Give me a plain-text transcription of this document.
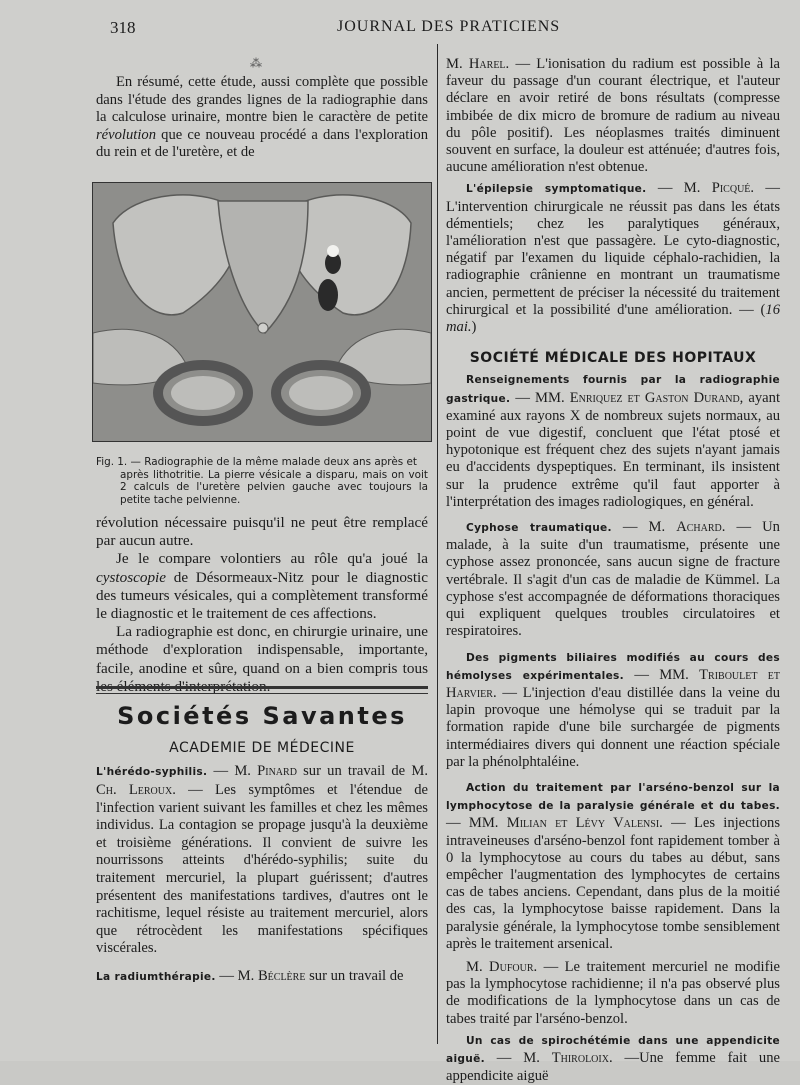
318	JOURNAL DES PRATICIENS
⁂

En résumé, cette étude, aussi complète que possible dans l'étude des grandes lignes de la radiographie dans la calculose urinaire, montre bien le caractère de petite révolution que ce nouveau procédé a dans l'exploration du rein et de l'uretère, et de

Fig. 1. — Radiographie de la même malade deux ans après et
après lithotritie. La pierre vésicale a disparu, mais on voit 2 calculs de l'uretère pelvien gauche avec toujours la petite tache pelvienne.

révolution nécessaire puisqu'il ne peut être remplacé par aucun autre.

Je le compare volontiers au rôle qu'a joué la cystoscopie de Désormeaux-Nitz pour le diagnostic des tumeurs vésicales, qui a complètement transformé le diagnostic et le traitement de ces affections.

La radiographie est donc, en chirurgie urinaire, une méthode d'exploration indispensable, importante, facile, anodine et sûre, quand on a bien compris tous les éléments d'interprétation.

Sociétés Savantes
ACADEMIE DE MÉDECINE

L'hérédo-syphilis. — M. Pinard sur un travail de M. Ch. Leroux. — Les symptômes et l'étendue de l'infection varient suivant les familles et chez les mêmes individus. La contagion se propage jusqu'à la deuxième et troisième générations. Il convient de suivre les nourrissons atteints d'hérédo-syphilis; suite du traitement mercuriel, la plupart guérissent; d'autres présentent des manifestations tardives, d'autres ont le rachitisme, lequel résiste au traitement mercuriel, alors que rétrocèdent les manifestations spécifiques viscérales.

La radiumthérapie. — M. Béclère sur un travail de

M. Harel. — L'ionisation du radium est possible à la faveur du passage d'un courant électrique, et l'auteur déclare en avoir retiré de bons résultats (compresse imbibée de dix micro de bromure de radium au niveau du pôle positif). Les néoplasmes traités diminuent souvent en surface, la douleur est atténuée; d'autres fois, aucune amélioration n'est obtenue.

L'épilepsie symptomatique. — M. Picqué. — L'intervention chirurgicale ne réussit pas dans les états démentiels; chez les paralytiques généraux, l'amélioration n'est que passagère. Le cyto-diagnostic, négatif par l'examen du liquide céphalo-rachidien, la radiographie crânienne en montrant un traumatisme ancien, permettent de préciser la nécessité du traitement chirurgical et la possibilité d'une amélioration. — (16 mai.)

SOCIÉTÉ MÉDICALE DES HOPITAUX

Renseignements fournis par la radiographie gastrique. — MM. Enriquez et Gaston Durand, ayant examiné aux rayons X de nombreux sujets normaux, au point de vue digestif, concluent que l'état ptosé et hypotonique est fréquent chez des sujets n'ayant jamais eu d'accidents dyspeptiques. En terminant, ils insistent sur la prudence extrême qu'il faut apporter à l'interprétation des images radiologiques, en général.

Cyphose traumatique. — M. Achard. — Un malade, à la suite d'un traumatisme, présente une cyphose assez prononcée, sans aucun signe de fracture vertébrale. Il s'agit d'un cas de maladie de Kümmel. La cyphose s'est accompagnée de déformations thoraciques qui expliquent quelques troubles circulatoires et respiratoires.

Des pigments biliaires modifiés au cours des hémolyses expérimentales. — MM. Triboulet et Harvier. — L'injection d'eau distillée dans la veine du lapin provoque une hémolyse qui se traduit par la formation rapide d'une bile surchargée de pigments intermédiaires divers qui donnent une réaction spéciale par la phénolphtaléine.

Action du traitement par l'arséno-benzol sur la lymphocytose de la paralysie générale et du tabes. — MM. Milian et Lévy Valensi. — Les injections intraveineuses d'arséno-benzol font rapidement tomber à 0 la lymphocytose au cours du tabes au début, sans empêcher l'augmentation des lymphocytes de certains cas de tabes anciens. Cependant, dans plus de la moitié des cas, la lymphocytose baisse rapidement. Dans la paralysie générale, la lymphocytose tombe sensiblement après le traitement arsenical.

M. Dufour. — Le traitement mercuriel ne modifie pas la lymphocytose rachidienne; il n'a pas observé plus de modifications de la lymphocytose dans un cas de tabes traité par l'arséno-benzol.

Un cas de spirochétémie dans une appendicite aiguë. — M. Thiroloix. —Une femme fait une appendicite aiguë
